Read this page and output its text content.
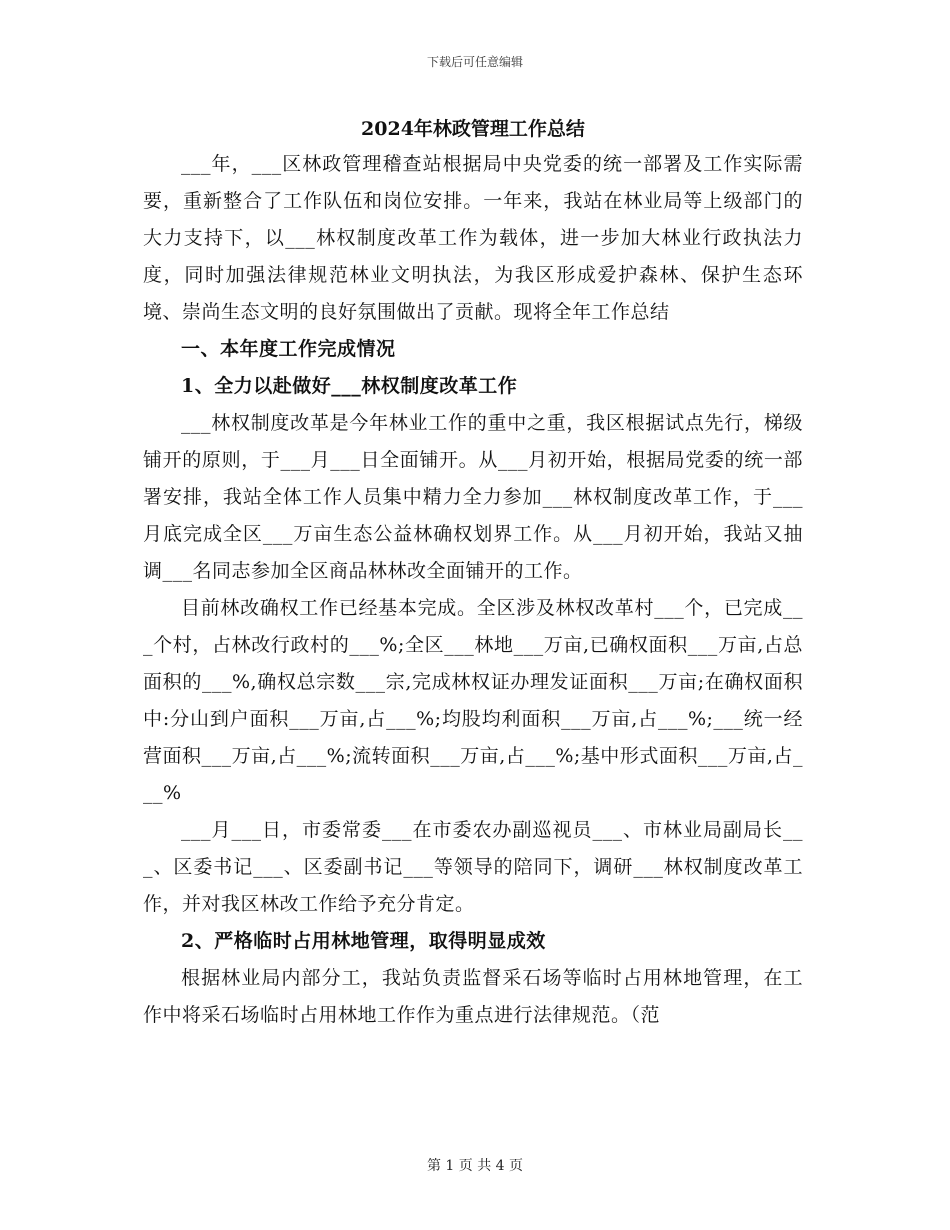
下载后可任意编辑
2024年林政管理工作总结

___年，___区林政管理稽查站根据局中央党委的统一部署及工作实际需要，重新整合了工作队伍和岗位安排。一年来，我站在林业局等上级部门的大力支持下，以___林权制度改革工作为载体，进一步加大林业行政执法力度，同时加强法律规范林业文明执法，为我区形成爱护森林、保护生态环境、崇尚生态文明的良好氛围做出了贡献。现将全年工作总结

一、本年度工作完成情况

1、全力以赴做好___林权制度改革工作

___林权制度改革是今年林业工作的重中之重，我区根据试点先行，梯级铺开的原则，于___月___日全面铺开。从___月初开始，根据局党委的统一部署安排，我站全体工作人员集中精力全力参加___林权制度改革工作，于___月底完成全区___万亩生态公益林确权划界工作。从___月初开始，我站又抽调___名同志参加全区商品林林改全面铺开的工作。

目前林改确权工作已经基本完成。全区涉及林权改革村___个，已完成___个村，占林改行政村的___%;全区___林地___万亩,已确权面积___万亩,占总面积的___%,确权总宗数___宗,完成林权证办理发证面积___万亩;在确权面积中:分山到户面积___万亩,占___%;均股均利面积___万亩,占___%;___统一经营面积___万亩,占___%;流转面积___万亩,占___%;基中形式面积___万亩,占___%

___月___日，市委常委___在市委农办副巡视员___、市林业局副局长___、区委书记___、区委副书记___等领导的陪同下，调研___林权制度改革工作，并对我区林改工作给予充分肯定。

2、严格临时占用林地管理，取得明显成效

根据林业局内部分工，我站负责监督采石场等临时占用林地管理，在工作中将采石场临时占用林地工作作为重点进行法律规范。（范

第 1 页 共 4 页
